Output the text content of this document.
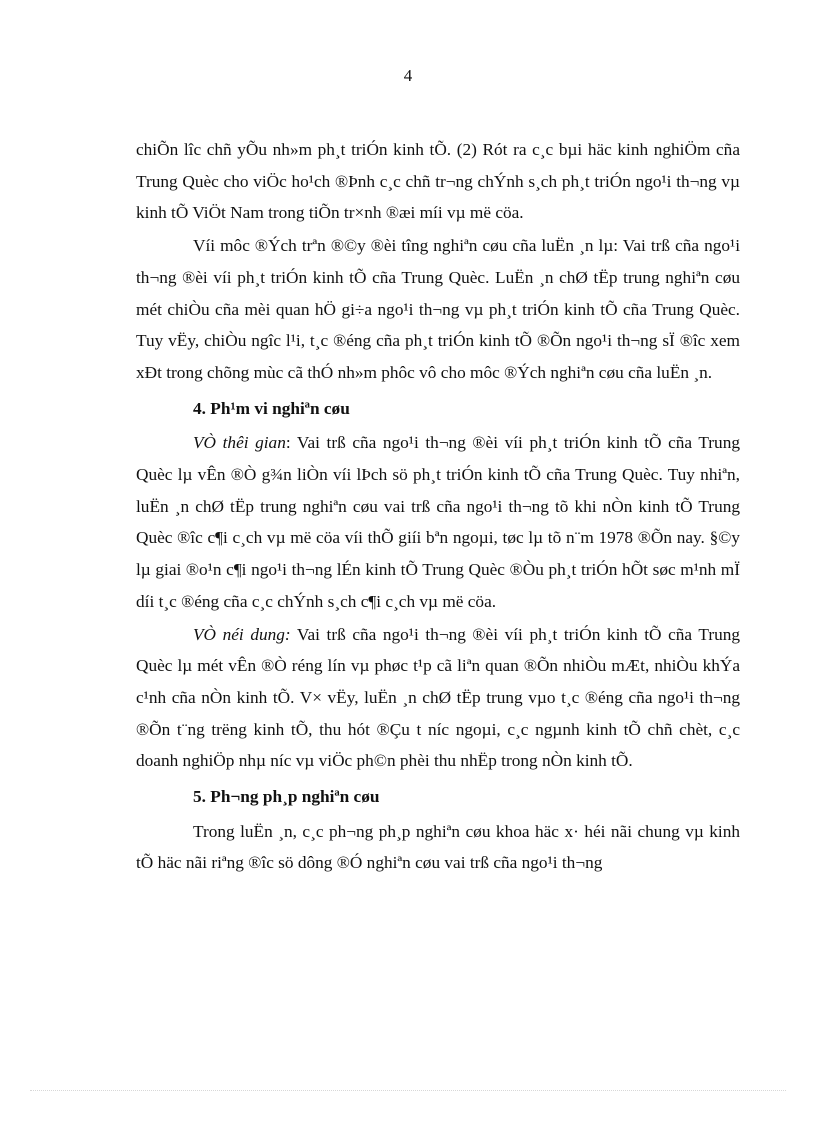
4

chiÕn lîc chñ yÕu nh»m ph¸t triÓn kinh tÕ. (2) Rót ra c¸c bµi häc kinh nghiÖm cña Trung Quèc cho viÖc ho¹ch ®Þnh c¸c chñ tr¬ng chÝnh s¸ch ph¸t triÓn ngo¹i th¬ng vµ kinh tÕ ViÖt Nam trong tiÕn tr×nh ®æi míi vµ më cöa.

Víi môc ®Ých trªn ®©y ®èi tîng nghiªn cøu cña luËn ¸n lµ: Vai trß cña ngo¹i th¬ng ®èi víi ph¸t triÓn kinh tÕ cña Trung Quèc. LuËn ¸n chØ tËp trung nghiªn cøu mét chiÒu cña mèi quan hÖ gi÷a ngo¹i th¬ng vµ ph¸t triÓn kinh tÕ cña Trung Quèc. Tuy vËy, chiÒu ngîc l¹i, t¸c ®éng cña ph¸t triÓn kinh tÕ ®Õn ngo¹i th¬ng sÏ ®îc xem xÐt trong chõng mùc cã thÓ nh»m phôc vô cho môc ®Ých nghiªn cøu cña luËn ¸n.

4. Ph¹m vi nghiªn cøu

VÒ thêi gian: Vai trß cña ngo¹i th¬ng ®èi víi ph¸t triÓn kinh tÕ cña Trung Quèc lµ vÊn ®Ò g¾n liÒn víi lÞch sö ph¸t triÓn kinh tÕ cña Trung Quèc. Tuy nhiªn, luËn ¸n chØ tËp trung nghiªn cøu vai trß cña ngo¹i th¬ng tõ khi nÒn kinh tÕ Trung Quèc ®îc c¶i c¸ch vµ më cöa víi thÕ giíi bªn ngoµi, tøc lµ tõ n¨m 1978 ®Õn nay. §©y lµ giai ®o¹n c¶i ngo¹i th¬ng lÉn kinh tÕ Trung Quèc ®Òu ph¸t triÓn hÕt søc m¹nh mÏ díi t¸c ®éng cña c¸c chÝnh s¸ch c¶i c¸ch vµ më cöa.

VÒ néi dung: Vai trß cña ngo¹i th¬ng ®èi víi ph¸t triÓn kinh tÕ cña Trung Quèc lµ mét vÊn ®Ò réng lín vµ phøc t¹p cã liªn quan ®Õn nhiÒu mÆt, nhiÒu khÝa c¹nh cña nÒn kinh tÕ. V× vËy, luËn ¸n chØ tËp trung vµo t¸c ®éng cña ngo¹i th¬ng ®Õn t¨ng trëng kinh tÕ, thu hót ®Çu t níc ngoµi, c¸c ngµnh kinh tÕ chñ chèt, c¸c doanh nghiÖp nhµ níc vµ viÖc ph©n phèi thu nhËp trong nÒn kinh tÕ.

5. Ph¬ng ph¸p nghiªn cøu

Trong luËn ¸n, c¸c ph¬ng ph¸p nghiªn cøu khoa häc x· héi nãi chung vµ kinh tÕ häc nãi riªng ®îc sö dông ®Ó nghiªn cøu vai trß cña ngo¹i th¬ng
